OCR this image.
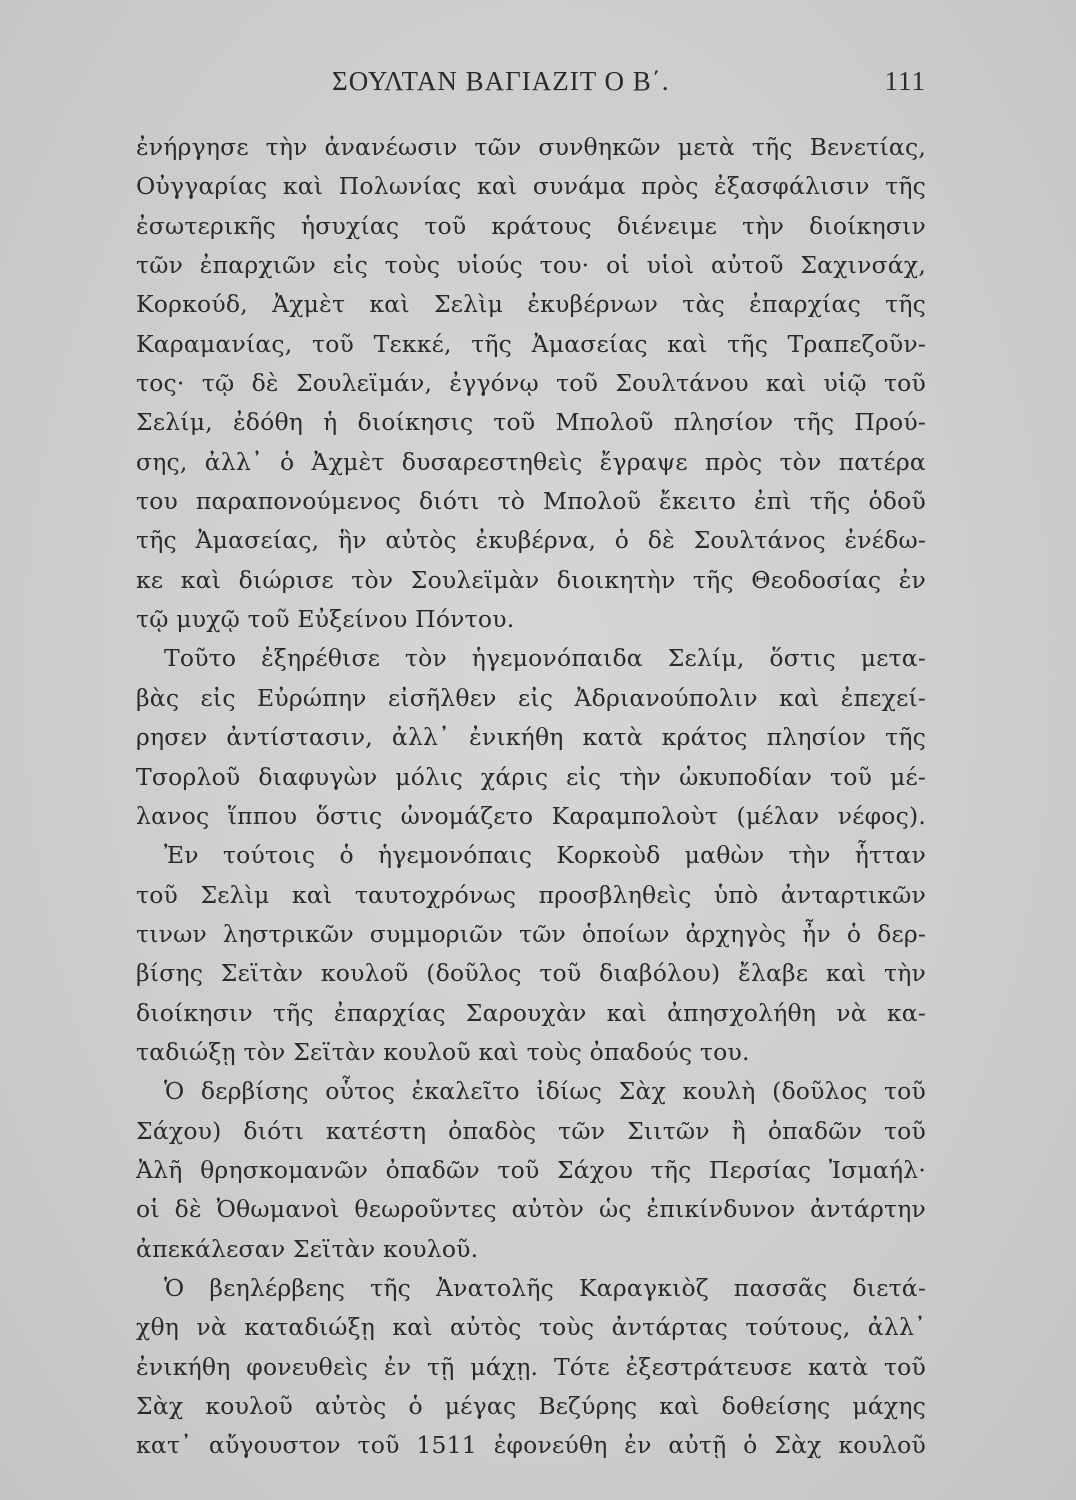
ΣΟΥΛΤΑΝ ΒΑΓΙΑΖΙΤ Ο Β΄.	111
ἐνήργησε τὴν ἀνανέωσιν τῶν συνθηκῶν μετὰ τῆς Βενετίας,
Οὐγγαρίας καὶ Πολωνίας καὶ συνάμα πρὸς ἐξασφάλισιν τῆς
ἐσωτερικῆς ἡσυχίας τοῦ κράτους διένειμε τὴν διοίκησιν
τῶν ἐπαρχιῶν εἰς τοὺς υἱούς του· οἱ υἱοὶ αὐτοῦ Σαχινσάχ,
Κορκούδ, Ἀχμὲτ καὶ Σελὶμ ἐκυβέρνων τὰς ἐπαρχίας τῆς
Καραμανίας, τοῦ Τεκκέ, τῆς Ἀμασείας καὶ τῆς Τραπεζοῦν-
τος· τῷ δὲ Σουλεϊμάν, ἐγγόνῳ τοῦ Σουλτάνου καὶ υἱῷ τοῦ
Σελίμ, ἐδόθη ἡ διοίκησις τοῦ Μπολοῦ πλησίον τῆς Πρού-
σης, ἀλλ᾽ ὁ Ἀχμὲτ δυσαρεστηθεὶς ἔγραψε πρὸς τὸν πατέρα
του παραπονούμενος διότι τὸ Μπολοῦ ἔκειτο ἐπὶ τῆς ὁδοῦ
τῆς Ἀμασείας, ἣν αὐτὸς ἐκυβέρνα, ὁ δὲ Σουλτάνος ἐνέδω-
κε καὶ διώρισε τὸν Σουλεϊμὰν διοικητὴν τῆς Θεοδοσίας ἐν
τῷ μυχῷ τοῦ Εὐξείνου Πόντου.
Τοῦτο ἐξηρέθισε τὸν ἡγεμονόπαιδα Σελίμ, ὅστις μετα-
βὰς εἰς Εὐρώπην εἰσῆλθεν εἰς Ἀδριανούπολιν καὶ ἐπεχεί-
ρησεν ἀντίστασιν, ἀλλ᾽ ἐνικήθη κατὰ κράτος πλησίον τῆς
Τσορλοῦ διαφυγὼν μόλις χάρις εἰς τὴν ὠκυποδίαν τοῦ μέ-
λανος ἵππου ὅστις ὠνομάζετο Καραμπολοὺτ (μέλαν νέφος).
Ἐν τούτοις ὁ ἡγεμονόπαις Κορκοὺδ μαθὼν τὴν ἧτταν
τοῦ Σελὶμ καὶ ταυτοχρόνως προσβληθεὶς ὑπὸ ἀνταρτικῶν
τινων ληστρικῶν συμμοριῶν τῶν ὁποίων ἀρχηγὸς ἦν ὁ δερ-
βίσης Σεϊτὰν κουλοῦ (δοῦλος τοῦ διαβόλου) ἔλαβε καὶ τὴν
διοίκησιν τῆς ἐπαρχίας Σαρουχὰν καὶ ἀπησχολήθη νὰ κα-
ταδιώξῃ τὸν Σεϊτὰν κουλοῦ καὶ τοὺς ὀπαδούς του.
Ὁ δερβίσης οὗτος ἐκαλεῖτο ἰδίως Σὰχ κουλὴ (δοῦλος τοῦ
Σάχου) διότι κατέστη ὀπαδὸς τῶν Σιιτῶν ἢ ὀπαδῶν τοῦ
Ἀλῆ θρησκομανῶν ὀπαδῶν τοῦ Σάχου τῆς Περσίας Ἰσμαήλ·
οἱ δὲ Ὀθωμανοὶ θεωροῦντες αὐτὸν ὡς ἐπικίνδυνον ἀντάρτην
ἀπεκάλεσαν Σεϊτὰν κουλοῦ.
Ὁ βεηλέρβεης τῆς Ἀνατολῆς Καραγκιὸζ πασσᾶς διετά-
χθη νὰ καταδιώξῃ καὶ αὐτὸς τοὺς ἀντάρτας τούτους, ἀλλ᾽
ἐνικήθη φονευθεὶς ἐν τῇ μάχῃ. Τότε ἐξεστράτευσε κατὰ τοῦ
Σὰχ κουλοῦ αὐτὸς ὁ μέγας Βεζύρης καὶ δοθείσης μάχης
κατ᾽ αὔγουστον τοῦ 1511 ἐφονεύθη ἐν αὐτῇ ὁ Σὰχ κουλοῦ
